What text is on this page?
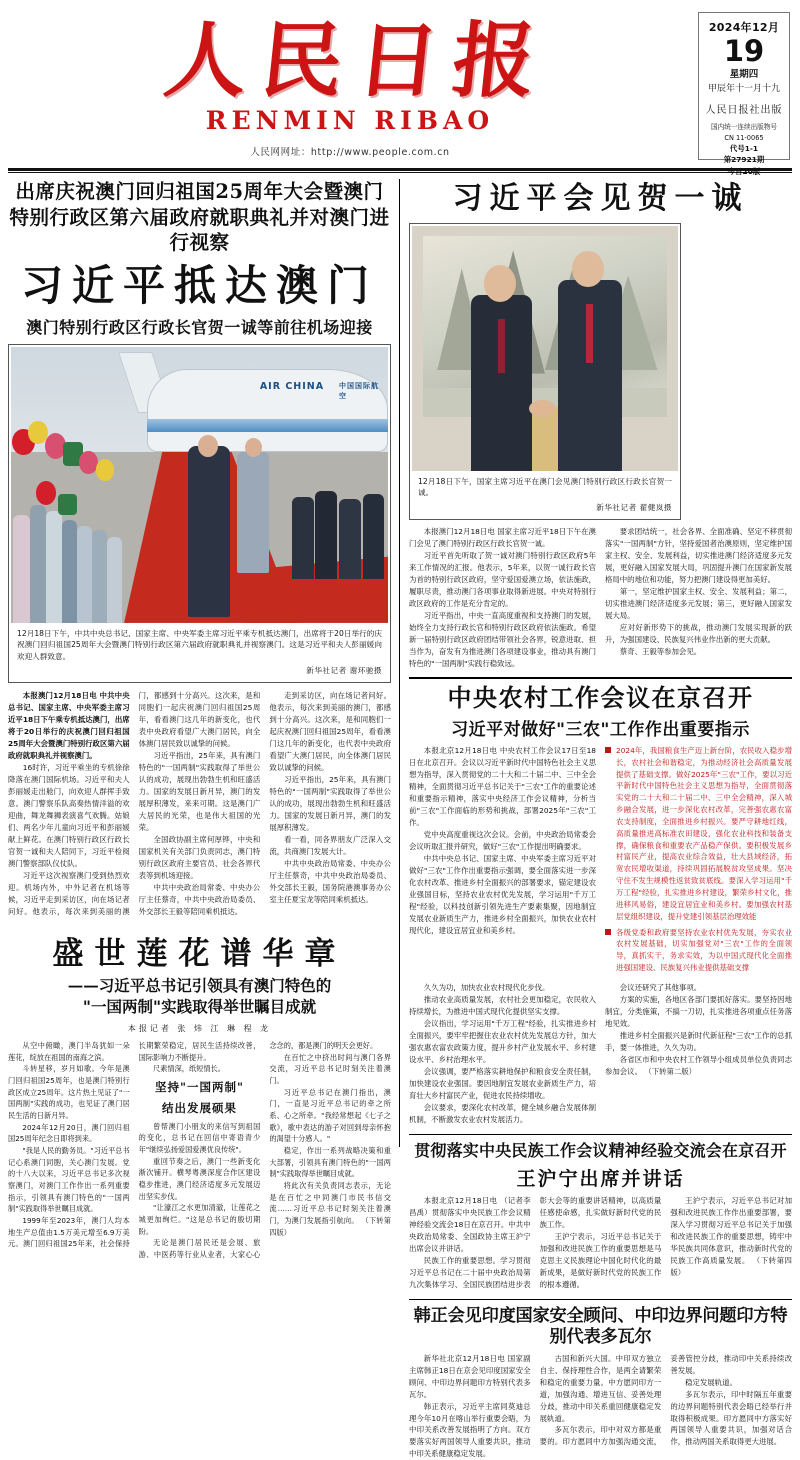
人民日报
RENMIN RIBAO
人民网网址：http://www.people.com.cn
2024年12月
19
星期四
甲辰年十一月十九
人民日报社出版
国内统一连续出版物号
CN 11-0065
代号1-1
第27921期
今日20版
出席庆祝澳门回归祖国25周年大会暨澳门特别行政区第六届政府就职典礼并对澳门进行视察
习近平抵达澳门
澳门特别行政区行政长官贺一诚等前往机场迎接
AIR CHINA 中国国际航空
12月18日下午，中共中央总书记、国家主席、中央军委主席习近平乘专机抵达澳门，出席将于20日举行的庆祝澳门回归祖国25周年大会暨澳门特别行政区第六届政府就职典礼并视察澳门。这是习近平和夫人彭丽媛向欢迎人群致意。
新华社记者 谢环驰摄

本报澳门12月18日电 中共中央总书记、国家主席、中央军委主席习近平18日下午乘专机抵达澳门，出席将于20日举行的庆祝澳门回归祖国25周年大会暨澳门特别行政区第六届政府就职典礼并视察澳门。

16时许，习近平乘坐的专机徐徐降落在澳门国际机场。习近平和夫人彭丽媛走出舱门，向欢迎人群挥手致意。澳门警察乐队高奏热情洋溢的欢迎曲，舞龙舞狮表演喜气欢腾。姑娘们、两名少年儿童向习近平和彭丽媛献上鲜花。在澳门特别行政区行政长官贺一诚和夫人陪同下，习近平检阅澳门警察部队仪仗队。

习近平这次视察澳门受到热烈欢迎。机场内外，中外记者在机场等候，习近平走到采访区，向在场记者问好。他表示，每次来到美丽的澳门，都感到十分高兴。这次来，是和同胞们一起庆祝澳门回归祖国25周年，看看澳门这几年的新变化，也代表中央政府看望广大澳门居民，向全体澳门居民致以诚挚的问候。

习近平指出，25年来，具有澳门特色的"一国两制"实践取得了举世公认的成功，展现出勃勃生机和旺盛活力。国家的发展日新月异，澳门的发展厚积薄发，来来可期。这是澳门广大居民的光荣，也是伟大祖国的光荣。

全国政协副主席何厚铧，中央和国家机关有关部门负责同志，澳门特别行政区政府主要官员、社会各界代表等到机场迎接。

中共中央政治局常委、中央办公厅主任蔡奇，中共中央政治局委员、外交部长王毅等陪同乘机抵达。

走到采访区，向在场记者问好。他表示，每次来到美丽的澳门，都感到十分高兴。这次来，是和同胞们一起庆祝澳门回归祖国25周年，看看澳门这几年的新变化，也代表中央政府看望广大澳门居民，向全体澳门居民致以诚挚的问候。

习近平指出，25年来，具有澳门特色的"一国两制"实践取得了举世公认的成功，展现出勃勃生机和旺盛活力。国家的发展日新月异，澳门的发展厚积薄发。

看一看，同各界朋友广泛深入交流，共商澳门发展大计。

中共中央政治局常委、中央办公厅主任蔡奇，中共中央政治局委员、外交部长王毅，国务院港澳事务办公室主任夏宝龙等陪同乘机抵达。

盛世莲花谱华章
——习近平总书记引领具有澳门特色的
"一国两制"实践取得举世瞩目成就
本报记者 张 炜 江 琳 程 龙

从空中俯瞰，澳门半岛犹如一朵莲花，绽放在祖国的南海之滨。

斗转星移，岁月如歌。今年是澳门回归祖国25周年，也是澳门特别行政区成立25周年。这片热土见证了"一国两制"实践的成功，也见证了澳门居民生活的日新月异。

2024年12月20日，澳门回归祖国25周年纪念日即将到来。

"我是人民的勤务员。"习近平总书记心系澳门同胞，关心澳门发展。党的十八大以来，习近平总书记多次视察澳门，对澳门工作作出一系列重要指示，引领具有澳门特色的"一国两制"实践取得举世瞩目成就。

1999年至2023年，澳门人均本地生产总值由1.5万美元增至6.9万美元。澳门回归祖国25年来，社会保持长期繁荣稳定，居民生活持续改善，国际影响力不断提升。

尺素情深，纸短情长。

坚持"一国两制"
结出发展硕果

曾帮澳门小朋友的来信写到祖国的变化，总书记在回信中寄语青少年"继续弘扬爱国爱澳优良传统"。

重回节奏之后，澳门一些新变化渐次铺开。横琴粤澳深度合作区建设稳步推进，澳门经济适度多元发展迈出坚实步伐。

"让濠江之水更加清澈，让莲花之城更加绚烂。"这是总书记的殷切期盼。

无论是澳门居民还是会展、旅游、中医药等行业从业者，大家心心念念的，都是澳门的明天会更好。

在百忙之中挤出时间与澳门各界交流，习近平总书记时刻关注着澳门。

习近平总书记在澳门指出，澳门，一直是习近平总书记的牵之所系、心之所牵。"我经常想起《七子之歌》，歌中表达的游子对回到母亲怀抱的渴望十分感人。"

稳定，作出一系列战略决策和重大部署，引领具有澳门特色的"一国两制"实践取得举世瞩目成就。

将此次有关负责同志表示，无论是在百忙之中同澳门市民书信交流……习近平总书记时刻关注着澳门，为澳门发展指引航向。 （下转第四版）

习近平会见贺一诚
12月18日下午，国家主席习近平在澳门会见澳门特别行政区行政长官贺一诚。
新华社记者 翟健岚摄

本报澳门12月18日电 国家主席习近平18日下午在澳门会见了澳门特别行政区行政长官贺一诚。

习近平首先听取了贺一诚对澳门特别行政区政府5年来工作情况的汇报。他表示，5年来，以贺一诚行政长官为首的特别行政区政府，坚守爱国爱澳立场，依法施政，履职尽责，推动澳门各项事业取得新进展。中央对特别行政区政府的工作是充分肯定的。

习近平指出，中央一直高度重视和支持澳门的发展，始终全力支持行政长官和特别行政区政府依法施政。希望新一届特别行政区政府团结带领社会各界，锐意进取、担当作为，奋发有为推进澳门各项建设事业，推动具有澳门特色的"一国两制"实践行稳致远。

要求团结统一，社会各界、全面准确、坚定不移贯彻落实"一国两制"方针，坚持爱国者治澳原则，坚定维护国家主权、安全、发展利益，切实推进澳门经济适度多元发展，更好融入国家发展大局，巩固提升澳门在国家新发展格局中的地位和功能，努力把澳门建设得更加美好。

第一，坚定维护国家主权、安全、发展利益；第二，切实推进澳门经济适度多元发展；第三，更好融入国家发展大局。

应对好新形势下的挑战，推动澳门发展实现新的跃升，为强国建设、民族复兴伟业作出新的更大贡献。

蔡奇、王毅等参加会见。

中央农村工作会议在京召开
习近平对做好"三农"工作作出重要指示

本报北京12月18日电 中央农村工作会议17日至18日在北京召开。会议以习近平新时代中国特色社会主义思想为指导，深入贯彻党的二十大和二十届二中、三中全会精神，全面贯彻习近平总书记关于"三农"工作的重要论述和重要指示精神，落实中央经济工作会议精神，分析当前"三农"工作面临的形势和挑战，部署2025年"三农"工作。

党中央高度重视这次会议。会前，中央政治局常委会会议听取汇报并研究，做好"三农"工作提出明确要求。

中共中央总书记、国家主席、中央军委主席习近平对做好"三农"工作作出重要指示强调，要全面落实进一步深化农村改革、推进乡村全面振兴的部署要求，锚定建设农业强国目标，坚持农业农村优先发展，学习运用"千万工程"经验，以科技创新引领先进生产要素集聚，因地制宜发展农业新质生产力，推进乡村全面振兴，加快农业农村现代化，建设宜居宜业和美乡村。

2024年，我国粮食生产迈上新台阶，农民收入稳步增长，农村社会和谐稳定，为推动经济社会高质量发展提供了基础支撑。做好2025年"三农"工作，要以习近平新时代中国特色社会主义思想为指导，全面贯彻落实党的二十大和二十届二中、三中全会精神，深入城乡融合发展，进一步深化农村改革，完善强农惠农富农支持制度，全面推进乡村振兴。要严守耕地红线，高质量推进高标准农田建设，强化农业科技和装备支撑，确保粮食和重要农产品稳产保供。要积极发展乡村富民产业，提高农业综合效益，壮大县域经济，拓宽农民增收渠道，持续巩固拓展脱贫攻坚成果。坚决守住不发生规模性返贫致贫底线。要深入学习运用"千万工程"经验，扎实推进乡村建设，繁荣乡村文化，推进移风易俗，建设宜居宜业和美乡村。要加强农村基层党组织建设，提升党建引领基层治理效能
各级党委和政府要坚持农业农村优先发展，夯实农业农村发展基础，切实加强党对"三农"工作的全面领导，真抓实干，务求实效，为以中国式现代化全面推进强国建设、民族复兴伟业提供基础支撑

久久为功，加快农业农村现代化步伐。

推动农业高质量发展，农村社会更加稳定，农民收入持续增长，为推进中国式现代化提供坚实支撑。

会议指出，学习运用"千万工程"经验，扎实推进乡村全面振兴，要牢牢把握住农业农村优先发展总方针，加大强农惠农富农政策力度，提升乡村产业发展水平、乡村建设水平、乡村治理水平。

会议强调，要严格落实耕地保护和粮食安全责任制，加快建设农业强国。要因地制宜发展农业新质生产力，培育壮大乡村富民产业，促进农民持续增收。

会议要求，要深化农村改革，健全城乡融合发展体制机制，不断激发农业农村发展活力。

会议还研究了其他事项。

方案的实施，各地区各部门要抓好落实。要坚持因地制宜，分类施策，不搞一刀切，扎实推进各项重点任务落地见效。

推进乡村全面振兴是新时代新征程"三农"工作的总抓手，要一体推进，久久为功。

各省区市和中央农村工作领导小组成员单位负责同志参加会议。 （下转第二版）

贯彻落实中央民族工作会议精神经验交流会在京召开
王沪宁出席并讲话

本报北京12月18日电 （记者李昌禹）贯彻落实中央民族工作会议精神经验交流会18日在京召开。中共中央政治局常委、全国政协主席王沪宁出席会议并讲话。

民族工作的重要思想。学习贯彻习近平总书记在二十届中央政治局第九次集体学习、全国民族团结进步表彰大会等的重要讲话精神，以高质量任感使命感，扎实做好新时代党的民族工作。

王沪宁表示，习近平总书记关于加强和改进民族工作的重要思想是马克思主义民族理论中国化时代化的最新成果，是做好新时代党的民族工作的根本遵循。

王沪宁表示，习近平总书记对加强和改进民族工作作出重要部署，要深入学习贯彻习近平总书记关于加强和改进民族工作的重要思想，铸牢中华民族共同体意识，推动新时代党的民族工作高质量发展。 （下转第四版）

韩正会见印度国家安全顾问、中印边界问题印方特别代表多瓦尔

新华社北京12月18日电 国家副主席韩正18日在京会见印度国家安全顾问、中印边界问题印方特别代表多瓦尔。

韩正表示，习近平主席同莫迪总理今年10月在喀山举行重要会晤，为中印关系改善发展指明了方向。双方要落实好两国领导人重要共识，推动中印关系健康稳定发展。

古国和新兴大国。中印双方独立自主、保持理性合作，是两全请繁荣和稳定的重要力量。中方愿同印方一道，加强沟通、增进互信、妥善处理分歧，推动中印关系重回健康稳定发展轨道。

多瓦尔表示，印中对双方都是重要的。印方愿同中方加强沟通交流，妥善管控分歧，推动印中关系持续改善发展。

稳定发展轨道。

多瓦尔表示，印中时隔五年重要的边界问题特别代表会晤已经举行并取得积极成果。印方愿同中方落实好两国领导人重要共识，加强对话合作，推动两国关系取得更大进展。
